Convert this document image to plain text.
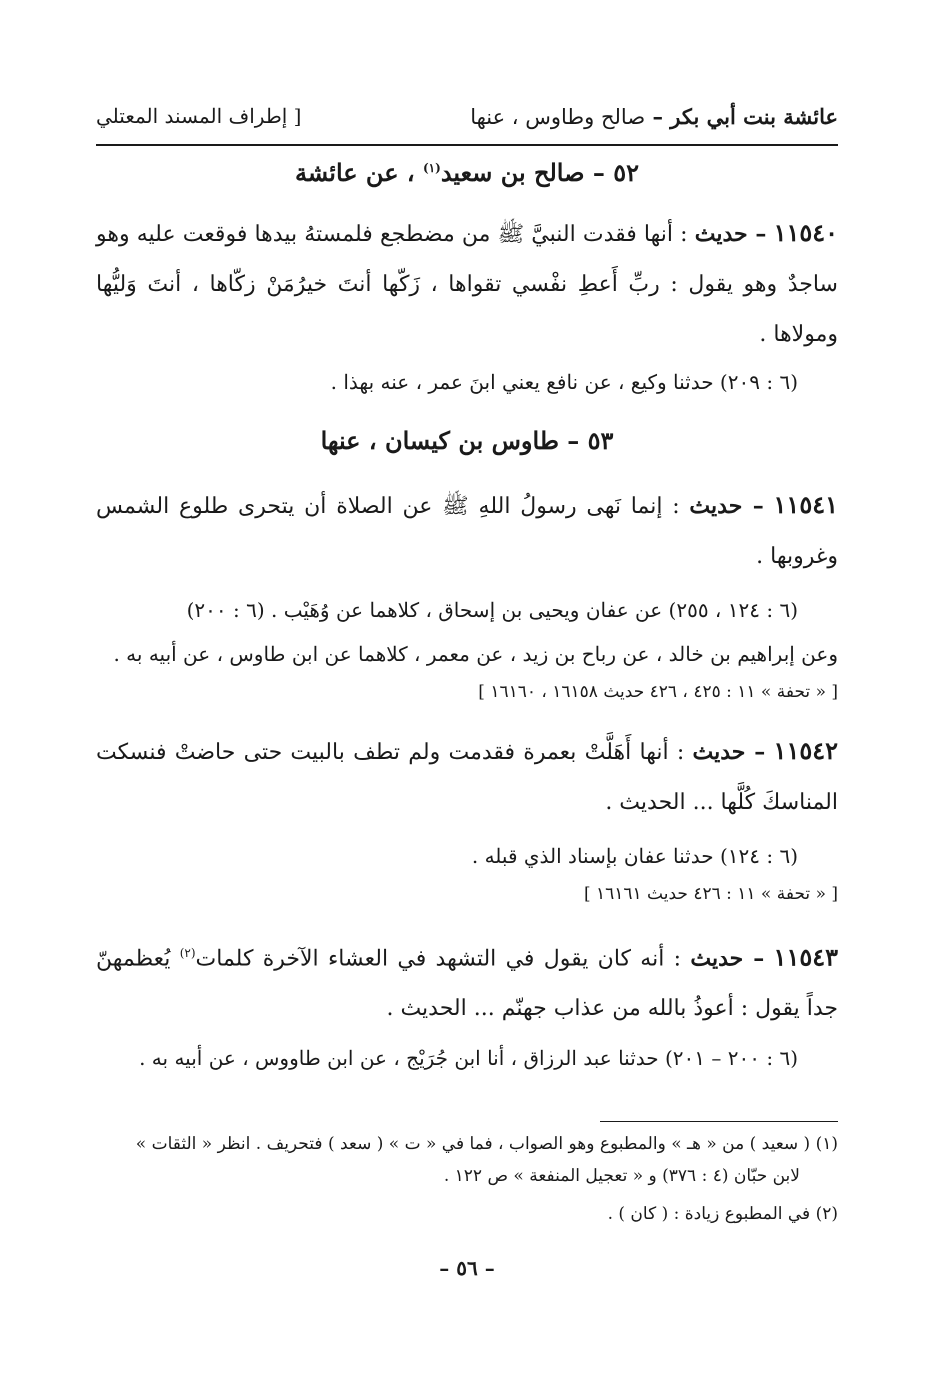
عائشة بنت أبي بكر – صالح وطاوس ، عنها
[ إطراف المسند المعتلي
٥٢ – صالح بن سعيد$^{(١)}$ ، عن عائشة
١١٥٤٠ – حديث : أنها فقدت النبيَّ ﷺ من مضطجع فلمستهُ بيدها فوقعت عليه وهو ساجدٌ وهو يقول : ربِّ أَعطِ نفْسي تقواها ، زَكّها أنتَ خيرُمَنْ زكّاها ، أنتَ وَليُّها ومولاها .
(٦ : ٢٠٩) حدثنا وكيع ، عن نافع يعني ابنَ عمر ، عنه بهذا .
٥٣ – طاوس بن كيسان ، عنها
١١٥٤١ – حديث : إنما نَهى رسولُ اللهِ ﷺ عن الصلاة أن يتحرى طلوع الشمس وغروبها .
(٦ : ١٢٤ ، ٢٥٥) عن عفان ويحيى بن إسحاق ، كلاهما عن وُهَيْب . (٦ : ٢٠٠)
وعن إبراهيم بن خالد ، عن رباح بن زيد ، عن معمر ، كلاهما عن ابن طاوس ، عن أبيه به .
[ « تحفة » ١١ : ٤٢٥ ، ٤٢٦ حديث ١٦١٥٨ ، ١٦١٦٠ ]
١١٥٤٢ – حديث : أنها أَهَلَّتْ بعمرة فقدمت ولم تطف بالبيت حتى حاضتْ فنسكت المناسكَ كُلَّها ... الحديث .
(٦ : ١٢٤) حدثنا عفان بإسناد الذي قبله .
[ « تحفة » ١١ : ٤٢٦ حديث ١٦١٦١ ]
١١٥٤٣ – حديث : أنه كان يقول في التشهد في العشاء الآخرة كلمات$^{(٢)}$ يُعظمهنّ جداً يقول : أعوذُ بالله من عذاب جهنّم ... الحديث .
(٦ : ٢٠٠ – ٢٠١) حدثنا عبد الرزاق ، أنا ابن جُرَيْج ، عن ابن طاووس ، عن أبيه به .
(١) ( سعيد ) من « هـ » والمطبوع وهو الصواب ، فما في « ت » ( سعد ) فتحريف . انظر « الثقات »
لابن حبّان (٤ : ٣٧٦) و « تعجيل المنفعة » ص ١٢٢ .
(٢) في المطبوع زيادة : ( كان ) .
– ٥٦ –
